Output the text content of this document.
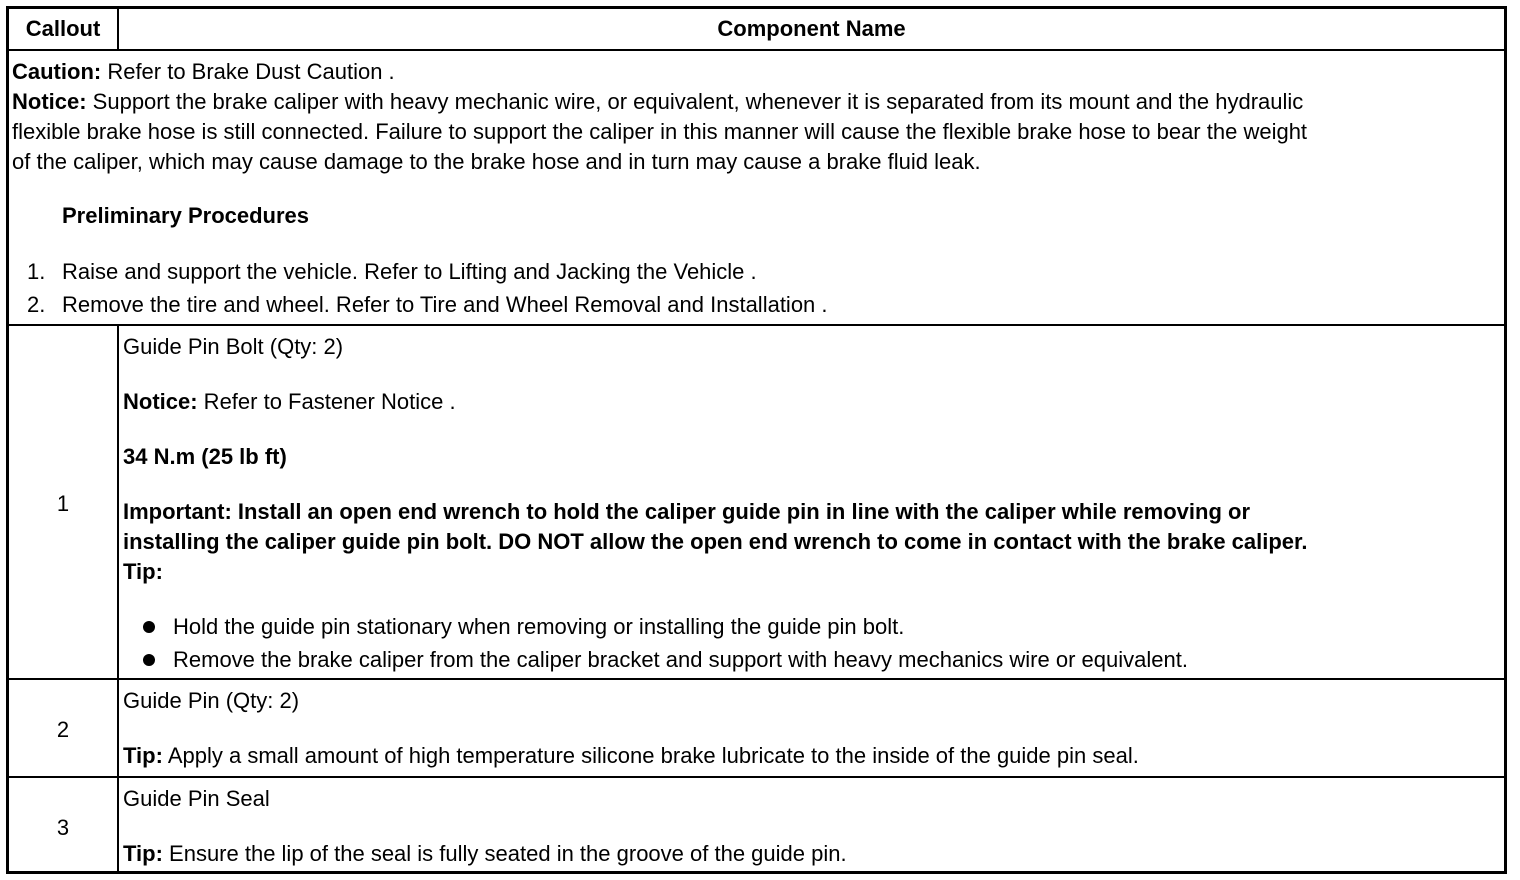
Callout	Component Name
Caution: Refer to Brake Dust Caution .
Notice: Support the brake caliper with heavy mechanic wire, or equivalent, whenever it is separated from its mount and the hydraulic
flexible brake hose is still connected. Failure to support the caliper in this manner will cause the flexible brake hose to bear the weight
of the caliper, which may cause damage to the brake hose and in turn may cause a brake fluid leak.
Preliminary Procedures
1. Raise and support the vehicle. Refer to Lifting and Jacking the Vehicle .
2. Remove the tire and wheel. Refer to Tire and Wheel Removal and Installation .
1
Guide Pin Bolt (Qty: 2)
Notice: Refer to Fastener Notice .
34 N.m (25 lb ft)
Important: Install an open end wrench to hold the caliper guide pin in line with the caliper while removing or
installing the caliper guide pin bolt. DO NOT allow the open end wrench to come in contact with the brake caliper.
Tip:
Hold the guide pin stationary when removing or installing the guide pin bolt.
Remove the brake caliper from the caliper bracket and support with heavy mechanics wire or equivalent.
2
Guide Pin (Qty: 2)
Tip: Apply a small amount of high temperature silicone brake lubricate to the inside of the guide pin seal.
3
Guide Pin Seal
Tip: Ensure the lip of the seal is fully seated in the groove of the guide pin.
